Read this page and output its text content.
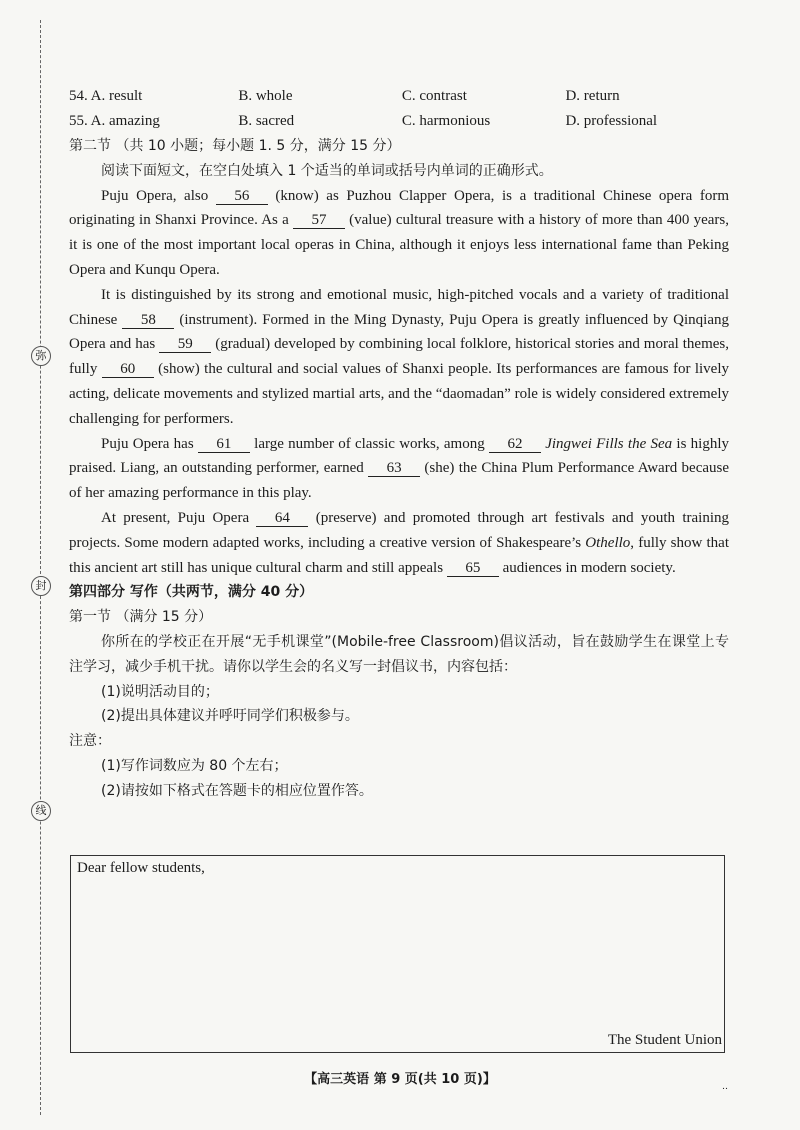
弥
封
线
54. A. result	B. whole	C. contrast	D. return
55. A. amazing	B. sacred	C. harmonious	D. professional

第二节 （共 10 小题；每小题 1. 5 分，满分 15 分）

阅读下面短文，在空白处填入 1 个适当的单词或括号内单词的正确形式。

Puju Opera, also 56 (know) as Puzhou Clapper Opera, is a traditional Chinese opera form originating in Shanxi Province. As a 57 (value) cultural treasure with a history of more than 400 years, it is one of the most important local operas in China, although it enjoys less international fame than Peking Opera and Kunqu Opera.

It is distinguished by its strong and emotional music, high-pitched vocals and a variety of traditional Chinese 58 (instrument). Formed in the Ming Dynasty, Puju Opera is greatly influenced by Qinqiang Opera and has 59 (gradual) developed by combining local folklore, historical stories and moral themes, fully 60 (show) the cultural and social values of Shanxi people. Its performances are famous for lively acting, delicate movements and stylized martial arts, and the “daomadan” role is widely considered extremely challenging for performers.

Puju Opera has 61 large number of classic works, among 62 Jingwei Fills the Sea is highly praised. Liang, an outstanding performer, earned 63 (she) the China Plum Performance Award because of her amazing performance in this play.

At present, Puju Opera 64 (preserve) and promoted through art festivals and youth training projects. Some modern adapted works, including a creative version of Shakespeare’s Othello, fully show that this ancient art still has unique cultural charm and still appeals 65 audiences in modern society.

第四部分 写作（共两节，满分 40 分）

第一节 （满分 15 分）

你所在的学校正在开展“无手机课堂”(Mobile-free Classroom)倡议活动，旨在鼓励学生在课堂上专注学习，减少手机干扰。请你以学生会的名义写一封倡议书，内容包括：

(1)说明活动目的；

(2)提出具体建议并呼吁同学们积极参与。

注意：

(1)写作词数应为 80 个左右；

(2)请按如下格式在答题卡的相应位置作答。

Dear fellow students,
The Student Union
【高三英语 第 9 页(共 10 页)】	‥
